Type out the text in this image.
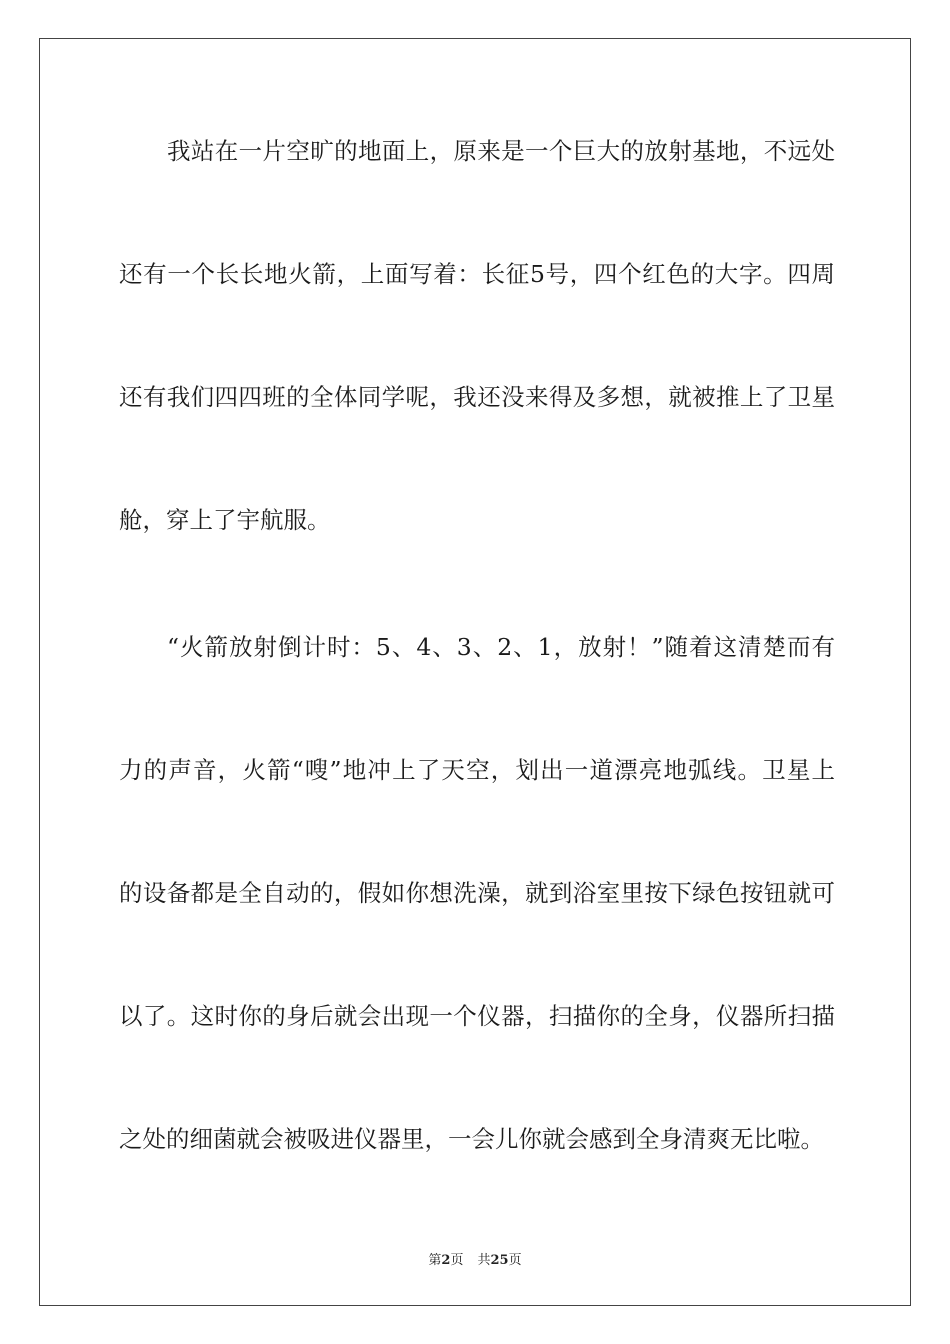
我站在一片空旷的地面上，原来是一个巨大的放射基地，不远处

还有一个长长地火箭，上面写着：长征5号，四个红色的大字。四周

还有我们四四班的全体同学呢，我还没来得及多想，就被推上了卫星

舱，穿上了宇航服。

“火箭放射倒计时：5、4、3、2、1，放射！”随着这清楚而有

力的声音，火箭“嗖”地冲上了天空，划出一道漂亮地弧线。卫星上

的设备都是全自动的，假如你想洗澡，就到浴室里按下绿色按钮就可

以了。这时你的身后就会出现一个仪器，扫描你的全身，仪器所扫描

之处的细菌就会被吸进仪器里，一会儿你就会感到全身清爽无比啦。

第2页 共25页
